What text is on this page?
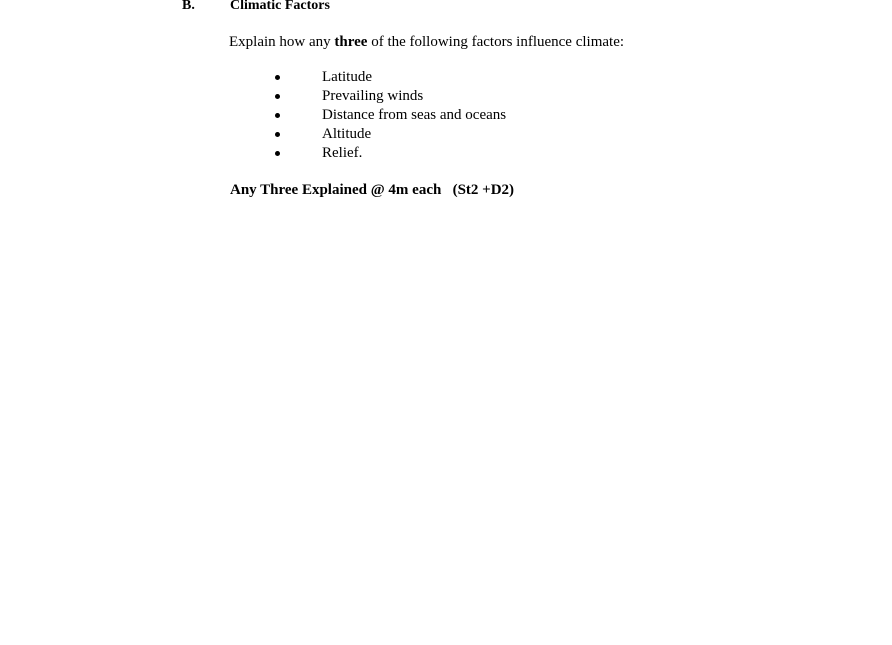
B.	Climatic Factors
Explain how any three of the following factors influence climate:
Latitude
Prevailing winds
Distance from seas and oceans
Altitude
Relief.
Any Three Explained @ 4m each (St2 +D2)
